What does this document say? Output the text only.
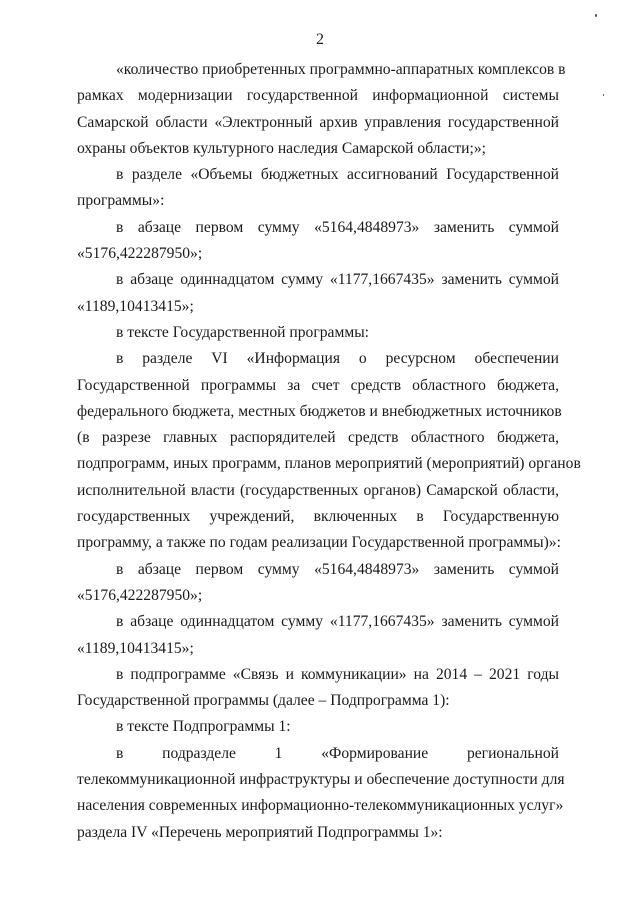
2
«количество приобретенных программно-аппаратных комплексов в
рамках модернизации государственной информационной системы
Самарской области «Электронный архив управления государственной
охраны объектов культурного наследия Самарской области;»;
в разделе «Объемы бюджетных ассигнований Государственной
программы»:
в абзаце первом сумму «5164,4848973» заменить суммой
«5176,422287950»;
в абзаце одиннадцатом сумму «1177,1667435» заменить суммой
«1189,10413415»;
в тексте Государственной программы:
в разделе VI «Информация о ресурсном обеспечении
Государственной программы за счет средств областного бюджета,
федерального бюджета, местных бюджетов и внебюджетных источников
(в разрезе главных распорядителей средств областного бюджета,
подпрограмм, иных программ, планов мероприятий (мероприятий) органов
исполнительной власти (государственных органов) Самарской области,
государственных учреждений, включенных в Государственную
программу, а также по годам реализации Государственной программы)»:
в абзаце первом сумму «5164,4848973» заменить суммой
«5176,422287950»;
в абзаце одиннадцатом сумму «1177,1667435» заменить суммой
«1189,10413415»;
в подпрограмме «Связь и коммуникации» на 2014 – 2021 годы
Государственной программы (далее – Подпрограмма 1):
в тексте Подпрограммы 1:
в подразделе 1 «Формирование региональной
телекоммуникационной инфраструктуры и обеспечение доступности для
населения современных информационно-телекоммуникационных услуг»
раздела IV «Перечень мероприятий Подпрограммы 1»:
